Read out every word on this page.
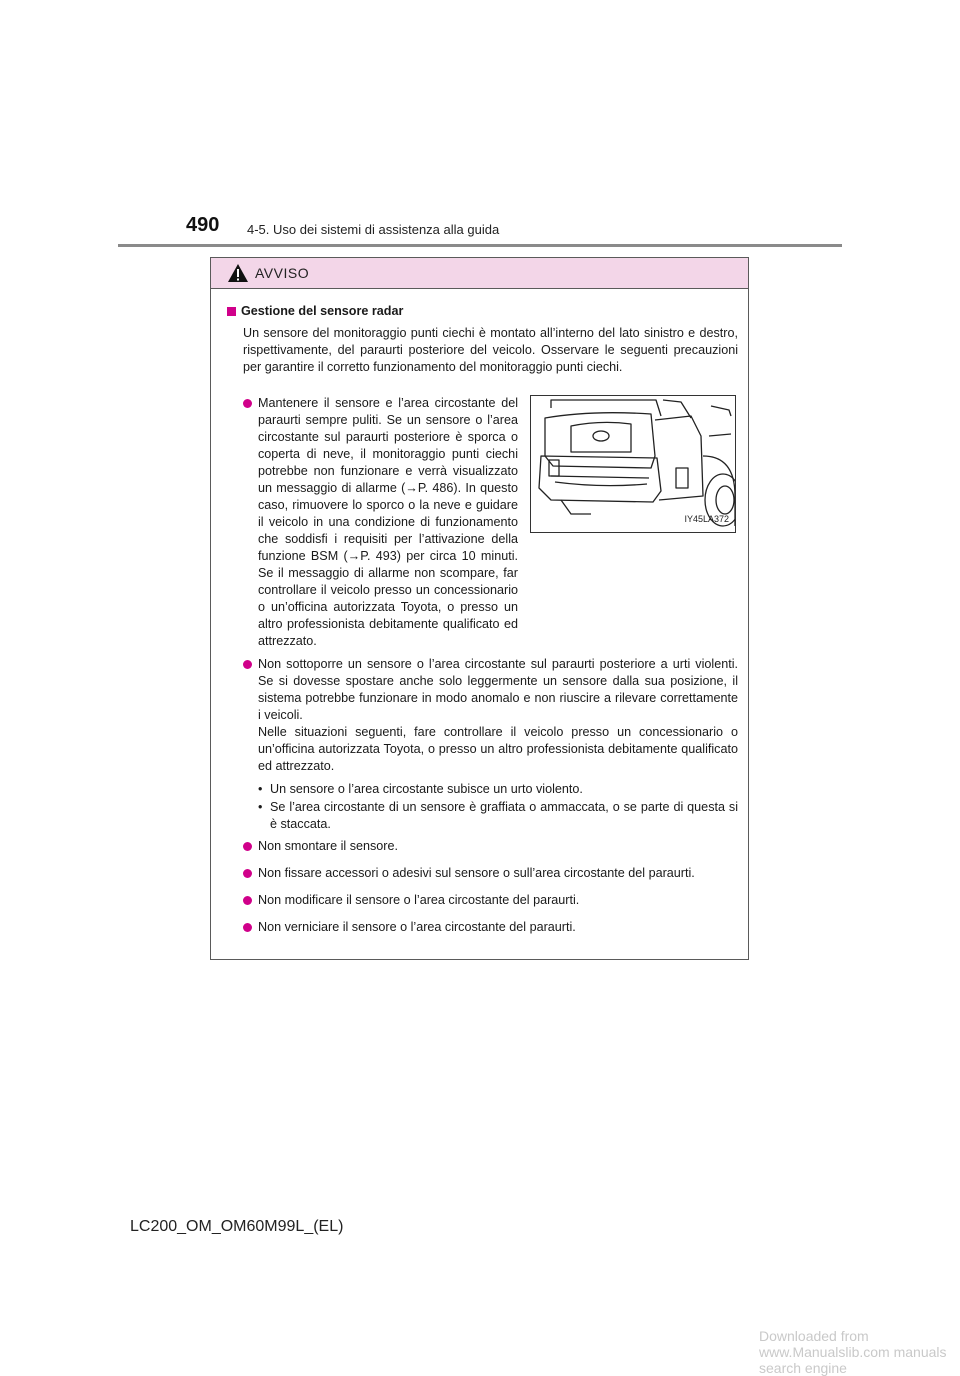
490 4-5. Uso dei sistemi di assistenza alla guida
AVVISO
Gestione del sensore radar

Un sensore del monitoraggio punti ciechi è montato all’interno del lato sinistro e destro, rispettivamente, del paraurti posteriore del veicolo. Osservare le seguenti precauzioni per garantire il corretto funzionamento del monitoraggio punti ciechi.

Mantenere il sensore e l’area circostante del paraurti sempre puliti. Se un sensore o l’area circostante sul paraurti posteriore è sporca o coperta di neve, il monitoraggio punti ciechi potrebbe non funzionare e verrà visualizzato un messaggio di allarme (→P. 486). In questo caso, rimuovere lo sporco o la neve e guidare il veicolo in una condizione di funzionamento che soddisfi i requisiti per l’attivazione della funzione BSM (→P. 493) per circa 10 minuti. Se il messaggio di allarme non scompare, far controllare il veicolo presso un concessionario o un’officina autorizzata Toyota, o presso un altro professionista debitamente qualificato ed attrezzato.
IY45LA372
Non sottoporre un sensore o l’area circostante sul paraurti posteriore a urti violenti. Se si dovesse spostare anche solo leggermente un sensore dalla sua posizione, il sistema potrebbe funzionare in modo anomalo e non riuscire a rilevare correttamente i veicoli.
Nelle situazioni seguenti, fare controllare il veicolo presso un concessionario o un’officina autorizzata Toyota, o presso un altro professionista debitamente qualificato ed attrezzato.
• Un sensore o l’area circostante subisce un urto violento.
• Se l’area circostante di un sensore è graffiata o ammaccata, o se parte di questa si è staccata.
Non smontare il sensore.
Non fissare accessori o adesivi sul sensore o sull’area circostante del paraurti.
Non modificare il sensore o l’area circostante del paraurti.
Non verniciare il sensore o l’area circostante del paraurti.
LC200_OM_OM60M99L_(EL)
Downloaded from www.Manualslib.com manuals search engine
